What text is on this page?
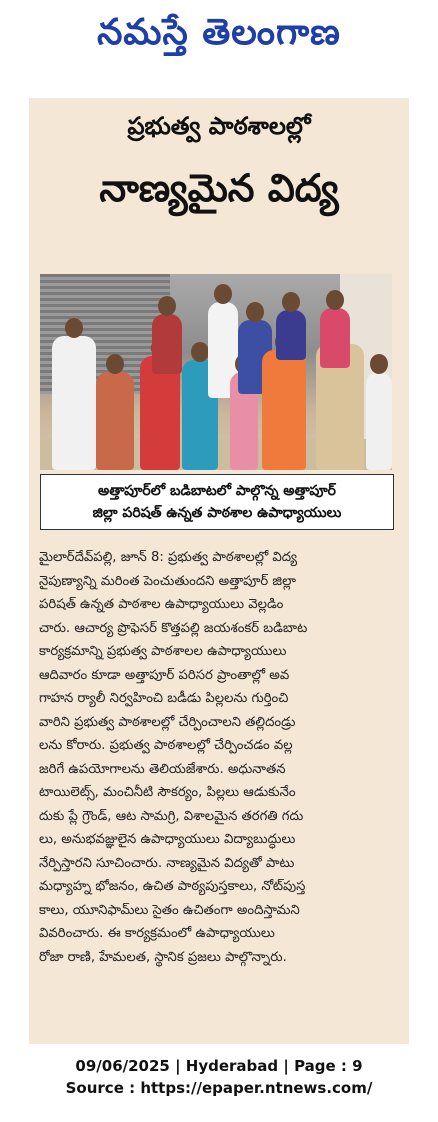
నమస్తే తెలంగాణ
ప్రభుత్వ పాఠశాలల్లో
నాణ్యమైన విద్య
అత్తాపూర్‌లో బడిబాటలో పాల్గొన్న అత్తాపూర్
జిల్లా పరిషత్ ఉన్నత పాఠశాల ఉపాధ్యాయులు
మైలార్‌దేవ్‌పల్లి, జూన్ 8: ప్రభుత్వ పాఠశాలల్లో విద్య
నైపుణ్యాన్ని మరింత పెంచుతుందని అత్తాపూర్ జిల్లా
పరిషత్ ఉన్నత పాఠశాల ఉపాధ్యాయులు వెల్లడిం
చారు. ఆచార్య ప్రొఫెసర్ కొత్తపల్లి జయశంకర్ బడిబాట
కార్యక్రమాన్ని ప్రభుత్వ పాఠశాలల ఉపాధ్యాయులు
ఆదివారం కూడా అత్తాపూర్ పరిసర ప్రాంతాల్లో అవ
గాహన ర్యాలీ నిర్వహించి బడీడు పిల్లలను గుర్తించి
వారిని ప్రభుత్వ పాఠశాలల్లో చేర్పించాలని తల్లిదండ్రు
లను కోరారు. ప్రభుత్వ పాఠశాలల్లో చేర్పించడం వల్ల
జరిగే ఉపయోగాలను తెలియజేశారు. అధునాతన
టాయిలెట్స్, మంచినీటి సౌకర్యం, పిల్లలు ఆడుకునేం
దుకు ప్లే గ్రౌండ్, ఆట సామగ్రి, విశాలమైన తరగతి గదు
లు, అనుభవజ్ఞులైన ఉపాధ్యాయులు విద్యాబుద్ధులు
నేర్పిస్తారని సూచించారు. నాణ్యమైన విద్యతో పాటు
మధ్యాహ్న భోజనం, ఉచిత పాఠ్యపుస్తకాలు, నోట్‌పుస్త
కాలు, యూనిఫామ్‌లు సైతం ఉచితంగా అందిస్తామని
వివరించారు. ఈ కార్యక్రమంలో ఉపాధ్యాయులు
రోజా రాణి, హేమలత, స్థానిక ప్రజలు పాల్గొన్నారు.
09/06/2025 | Hyderabad | Page : 9
Source : https://epaper.ntnews.com/
